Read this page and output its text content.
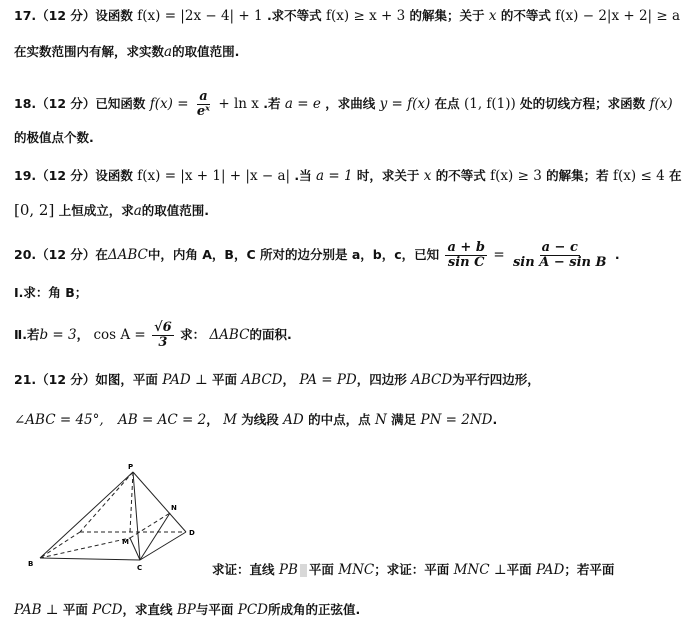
17.（12 分）设函数 f(x) = |2x − 4| + 1 .求不等式 f(x) ≥ x + 3 的解集；关于 x 的不等式 f(x) − 2|x + 2| ≥ a
在实数范围内有解，求实数a的取值范围.
18.（12 分）已知函数 $f(x) = \frac{a}{\text{eˣ}} + \ln x$ .若 a = e ，求曲线 y = f(x) 在点 (1, f(1)) 处的切线方程；求函数 f(x)
的极值点个数.
19.（12 分）设函数 f(x) = |x + 1| + |x − a| .当 a = 1 时，求关于 x 的不等式 f(x) ≥ 3 的解集；若 f(x) ≤ 4 在
[0, 2] 上恒成立，求a的取值范围.
20.（12 分）在ΔABC中，内角 A，B，C 所对的边分别是 a，b，c，已知 $\frac{a + b}{\text{sin C}} = \frac{a - c}{\text{sin A − sin B}}$ .
Ⅰ.求：角 B；
Ⅱ.若b = 3， $\cos A = \frac{√6}{3}$ 求： ΔABC的面积.
21.（12 分）如图，平面 PAD ⊥ 平面 ABCD， PA = PD，四边形 ABCD为平行四边形，
∠ABC = 45°, AB = AC = 2， M 为线段 AD 的中点，点 N 满足 PN = 2ND.
P
N
M
D
B	C	求证：直线 PB 平面 MNC；求证：平面 MNC ⊥平面 PAD；若平面
PAB ⊥ 平面 PCD，求直线 BP与平面 PCD所成角的正弦值.
